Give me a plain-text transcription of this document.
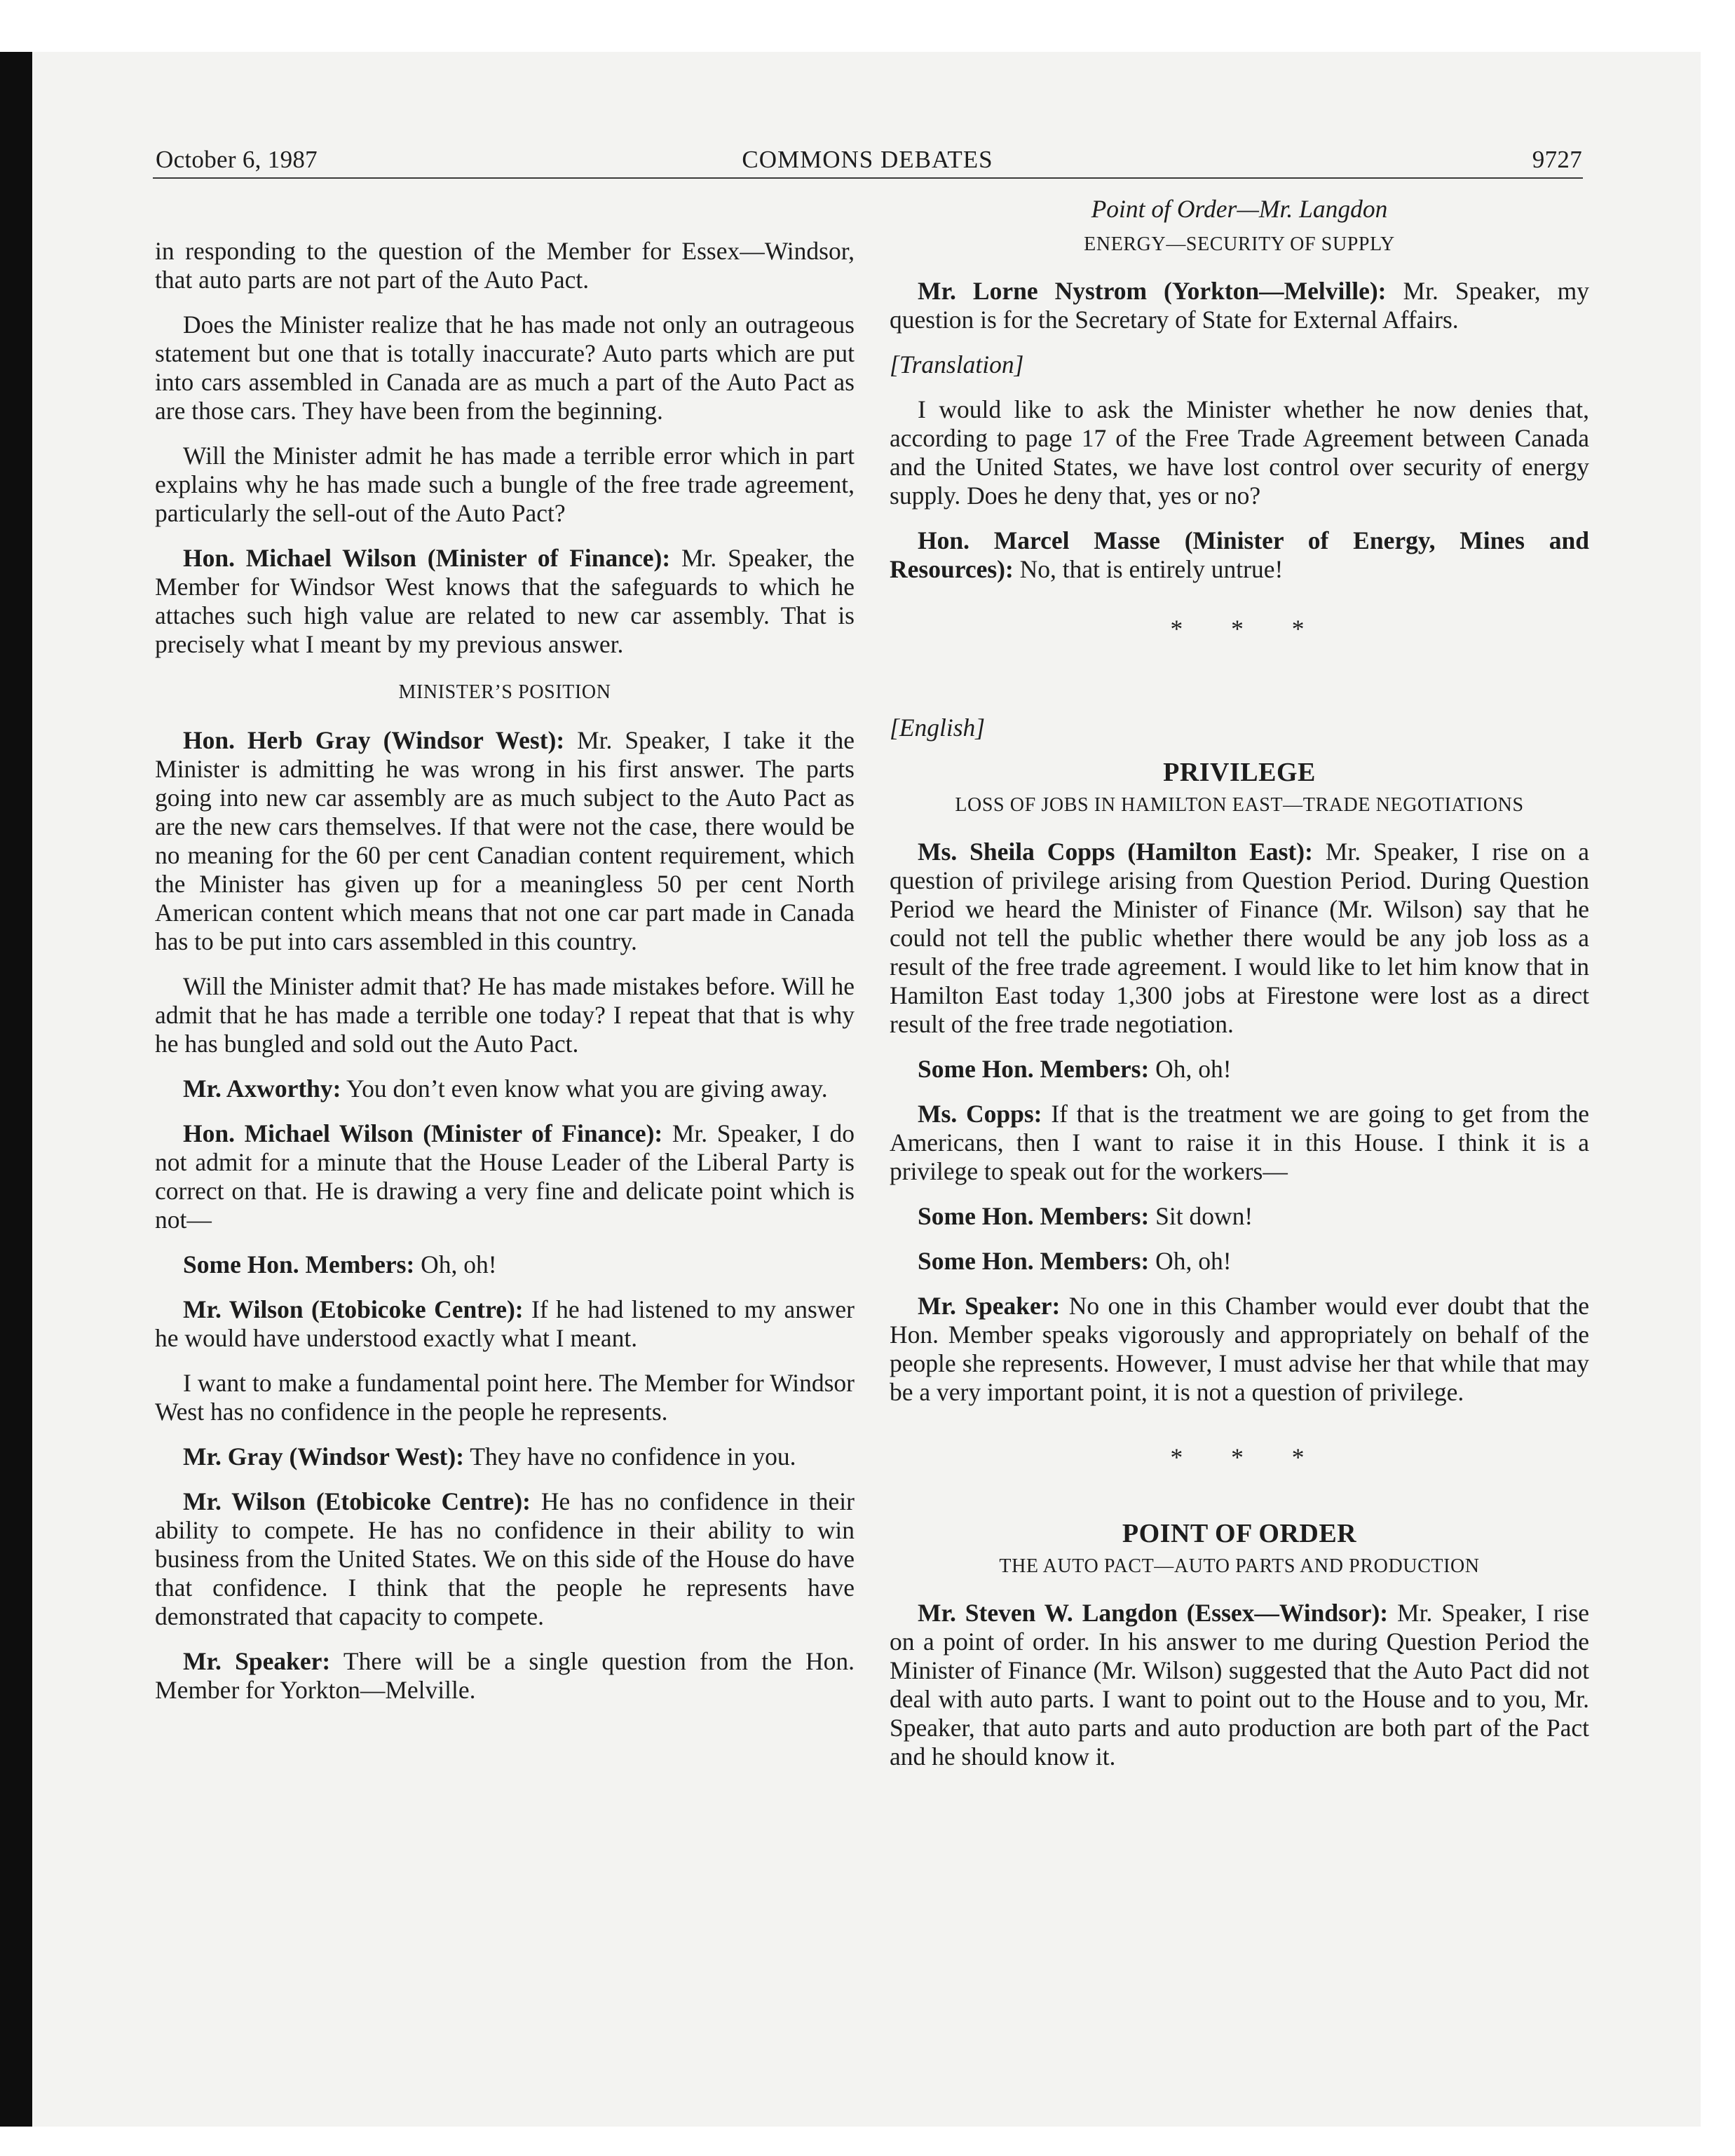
October 6, 1987	COMMONS DEBATES	9727

in responding to the question of the Member for Essex—Windsor, that auto parts are not part of the Auto Pact.

Does the Minister realize that he has made not only an outrageous statement but one that is totally inaccurate? Auto parts which are put into cars assembled in Canada are as much a part of the Auto Pact as are those cars. They have been from the beginning.

Will the Minister admit he has made a terrible error which in part explains why he has made such a bungle of the free trade agreement, particularly the sell-out of the Auto Pact?

Hon. Michael Wilson (Minister of Finance): Mr. Speaker, the Member for Windsor West knows that the safeguards to which he attaches such high value are related to new car assembly. That is precisely what I meant by my previous answer.

MINISTER’S POSITION

Hon. Herb Gray (Windsor West): Mr. Speaker, I take it the Minister is admitting he was wrong in his first answer. The parts going into new car assembly are as much subject to the Auto Pact as are the new cars themselves. If that were not the case, there would be no meaning for the 60 per cent Canadian content requirement, which the Minister has given up for a meaningless 50 per cent North American content which means that not one car part made in Canada has to be put into cars assembled in this country.

Will the Minister admit that? He has made mistakes before. Will he admit that he has made a terrible one today? I repeat that that is why he has bungled and sold out the Auto Pact.

Mr. Axworthy: You don’t even know what you are giving away.

Hon. Michael Wilson (Minister of Finance): Mr. Speaker, I do not admit for a minute that the House Leader of the Liberal Party is correct on that. He is drawing a very fine and delicate point which is not—

Some Hon. Members: Oh, oh!

Mr. Wilson (Etobicoke Centre): If he had listened to my answer he would have understood exactly what I meant.

I want to make a fundamental point here. The Member for Windsor West has no confidence in the people he represents.

Mr. Gray (Windsor West): They have no confidence in you.

Mr. Wilson (Etobicoke Centre): He has no confidence in their ability to compete. He has no confidence in their ability to win business from the United States. We on this side of the House do have that confidence. I think that the people he represents have demonstrated that capacity to compete.

Mr. Speaker: There will be a single question from the Hon. Member for Yorkton—Melville.

Point of Order—Mr. Langdon
ENERGY—SECURITY OF SUPPLY

Mr. Lorne Nystrom (Yorkton—Melville): Mr. Speaker, my question is for the Secretary of State for External Affairs.

[Translation]

I would like to ask the Minister whether he now denies that, according to page 17 of the Free Trade Agreement between Canada and the United States, we have lost control over security of energy supply. Does he deny that, yes or no?

Hon. Marcel Masse (Minister of Energy, Mines and Resources): No, that is entirely untrue!

* * *
[English]
PRIVILEGE
LOSS OF JOBS IN HAMILTON EAST—TRADE NEGOTIATIONS

Ms. Sheila Copps (Hamilton East): Mr. Speaker, I rise on a question of privilege arising from Question Period. During Question Period we heard the Minister of Finance (Mr. Wilson) say that he could not tell the public whether there would be any job loss as a result of the free trade agreement. I would like to let him know that in Hamilton East today 1,300 jobs at Firestone were lost as a direct result of the free trade negotiation.

Some Hon. Members: Oh, oh!

Ms. Copps: If that is the treatment we are going to get from the Americans, then I want to raise it in this House. I think it is a privilege to speak out for the workers—

Some Hon. Members: Sit down!

Some Hon. Members: Oh, oh!

Mr. Speaker: No one in this Chamber would ever doubt that the Hon. Member speaks vigorously and appropriately on behalf of the people she represents. However, I must advise her that while that may be a very important point, it is not a question of privilege.

* * *
POINT OF ORDER
THE AUTO PACT—AUTO PARTS AND PRODUCTION

Mr. Steven W. Langdon (Essex—Windsor): Mr. Speaker, I rise on a point of order. In his answer to me during Question Period the Minister of Finance (Mr. Wilson) suggested that the Auto Pact did not deal with auto parts. I want to point out to the House and to you, Mr. Speaker, that auto parts and auto production are both part of the Pact and he should know it.
